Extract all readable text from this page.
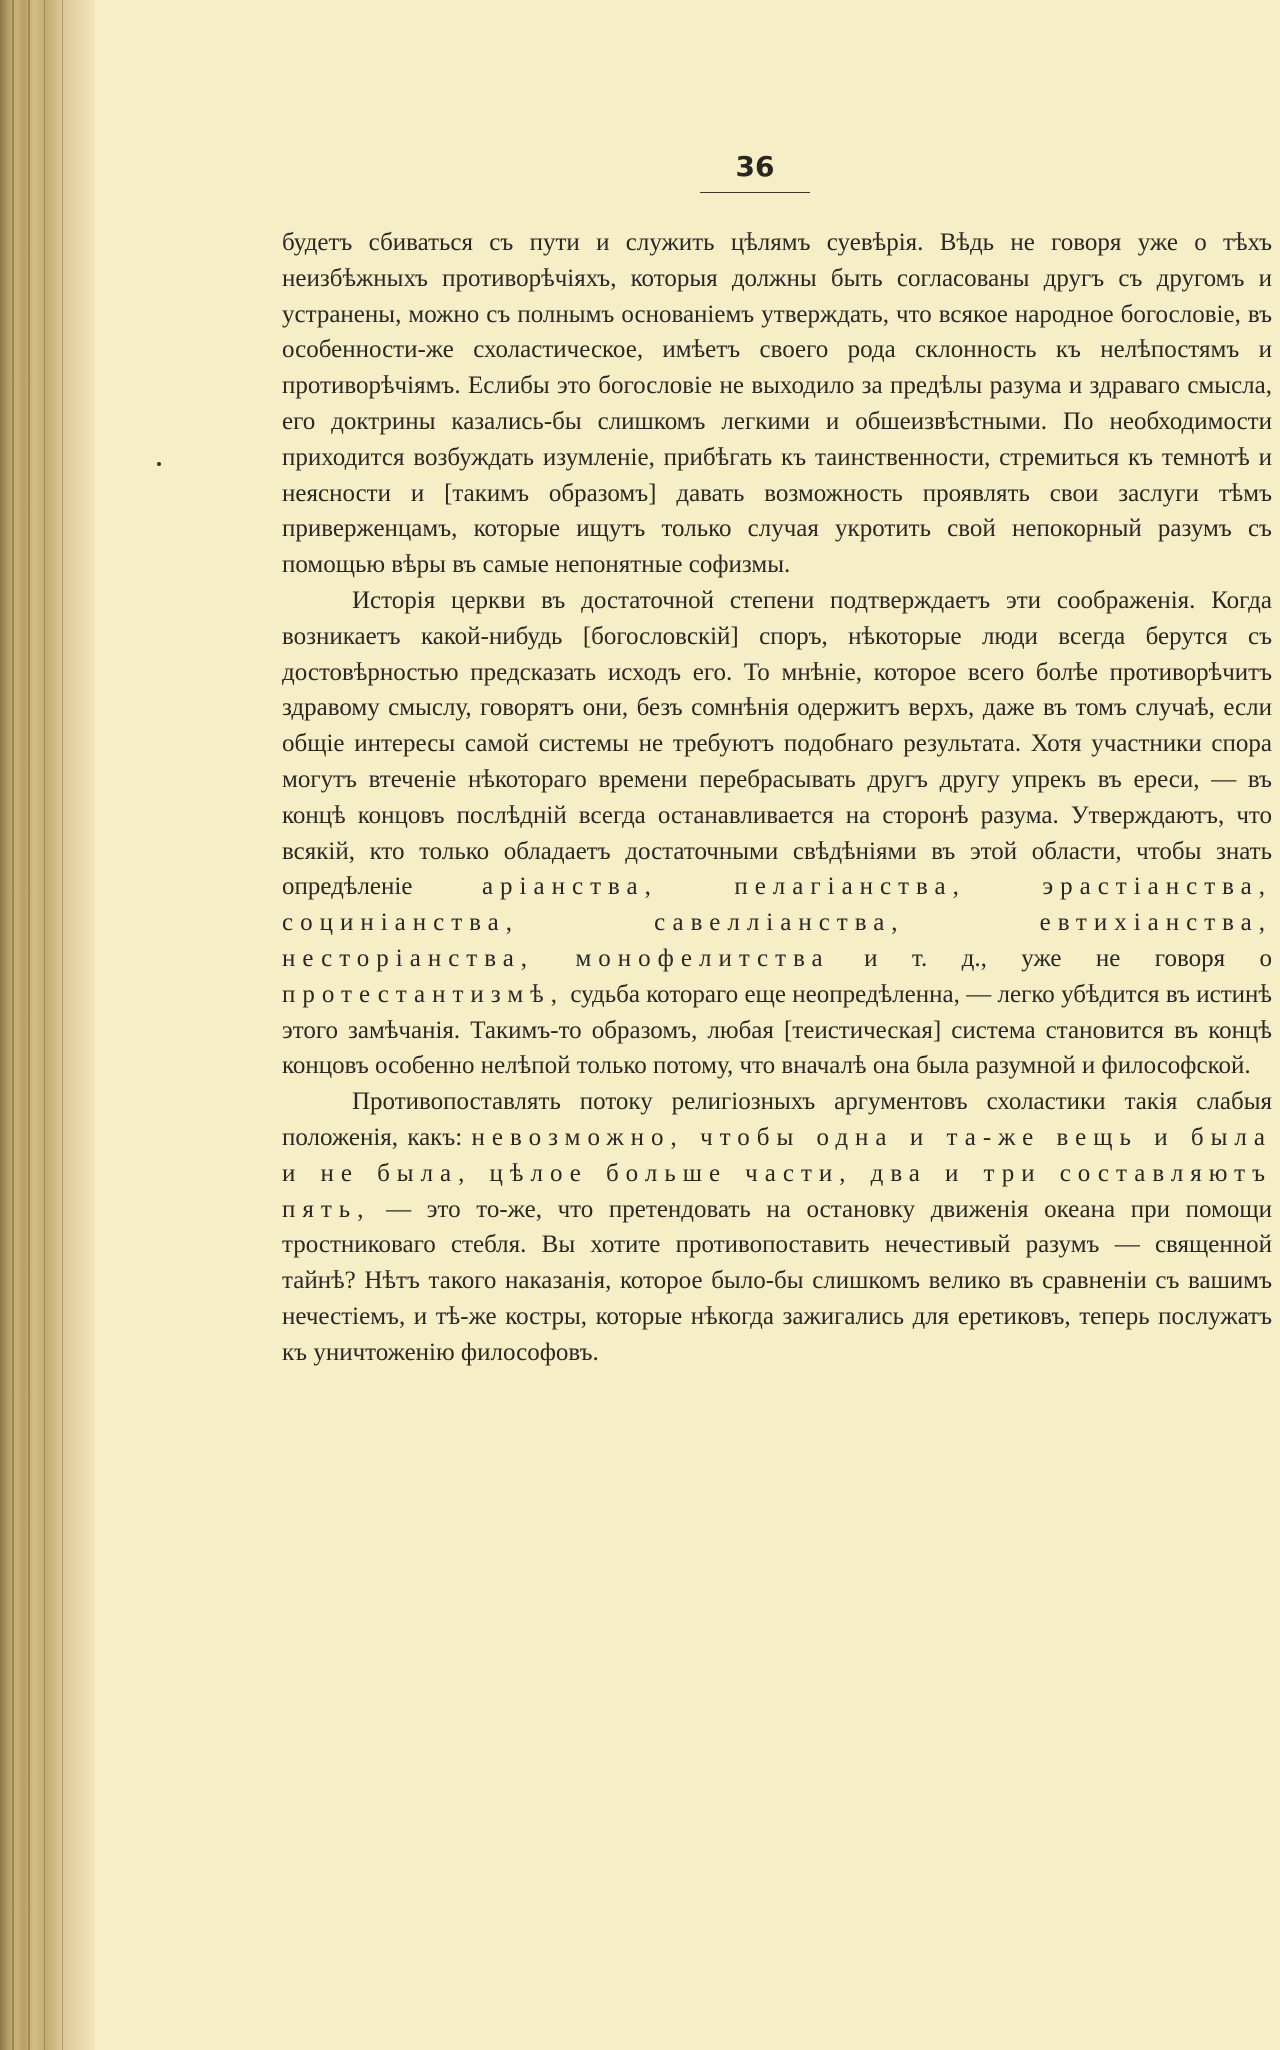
36

будетъ сбиваться съ пути и служить цѣлямъ суевѣрія. Вѣдь не говоря уже о тѣхъ неизбѣжныхъ противорѣчіяхъ, которыя должны быть согласованы другъ съ другомъ и устранены, можно съ полнымъ основаніемъ утверждать, что всякое народное богословіе, въ особенности-же схоластическое, имѣетъ своего рода склонность къ нелѣпостямъ и противорѣчіямъ. Еслибы это богословіе не выходило за предѣлы разума и здраваго смысла, его доктрины казались-бы слишкомъ легкими и обшеизвѣстными. По необходимости приходится возбуждать изумленіе, прибѣгать къ таинственности, стремиться къ темнотѣ и неясности и [такимъ образомъ] давать возможность проявлять свои заслуги тѣмъ приверженцамъ, которые ищутъ только случая укротить свой непокорный разумъ съ помощью вѣры въ самые непонятные софизмы.

Исторія церкви въ достаточной степени подтверждаетъ эти соображенія. Когда возникаетъ какой-нибудь [богословскій] споръ, нѣкоторые люди всегда берутся съ достовѣрностью предсказать исходъ его. То мнѣніе, которое всего болѣе противорѣчитъ здравому смыслу, говорятъ они, безъ сомнѣнія одержитъ верхъ, даже въ томъ случаѣ, если общіе интересы самой системы не требуютъ подобнаго результата. Хотя участники спора могутъ втеченіе нѣкотораго времени перебрасывать другъ другу упрекъ въ ереси, — въ концѣ концовъ послѣдній всегда останавливается на сторонѣ разума. Утверждаютъ, что всякій, кто только обладаетъ достаточными свѣдѣніями въ этой области, чтобы знать опредѣленіе	аріанства, пелагіанства, эрастіанства, социніанства, савелліанства, евтихіанства, несторіанства, монофелитства и т. д., уже не говоря о протестантизмѣ, судьба котораго еще неопредѣленна, — легко убѣдится въ истинѣ этого замѣчанія. Такимъ-то образомъ, любая [теистическая] система становится въ концѣ концовъ особенно нелѣпой только потому, что вначалѣ она была разумной и философской.

Противопоставлять потоку религіозныхъ аргументовъ схоластики такія слабыя положенія, какъ: невозможно, чтобы одна и та-же вещь и была и не была, цѣлое больше части, два и три составляютъ пять, — это то-же, что претендовать на остановку движенія океана при помощи тростниковаго стебля. Вы хотите противопоставить нечестивый разумъ — священной тайнѣ? Нѣтъ такого наказанія, которое было-бы слишкомъ велико въ сравненіи съ вашимъ нечестіемъ, и тѣ-же костры, которые нѣкогда зажигались для еретиковъ, теперь послужатъ къ уничтоженію философовъ.
